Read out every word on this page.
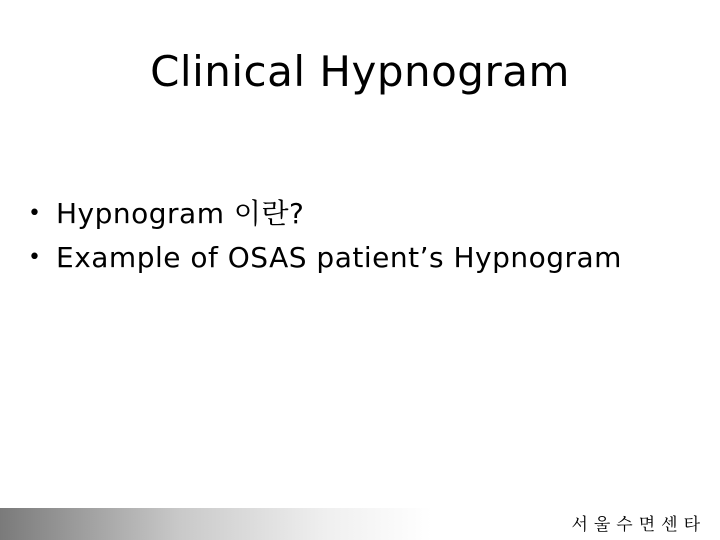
Clinical Hypnogram
• Hypnogram 이란?
• Example of OSAS patient’s Hypnogram
서울수면센타
